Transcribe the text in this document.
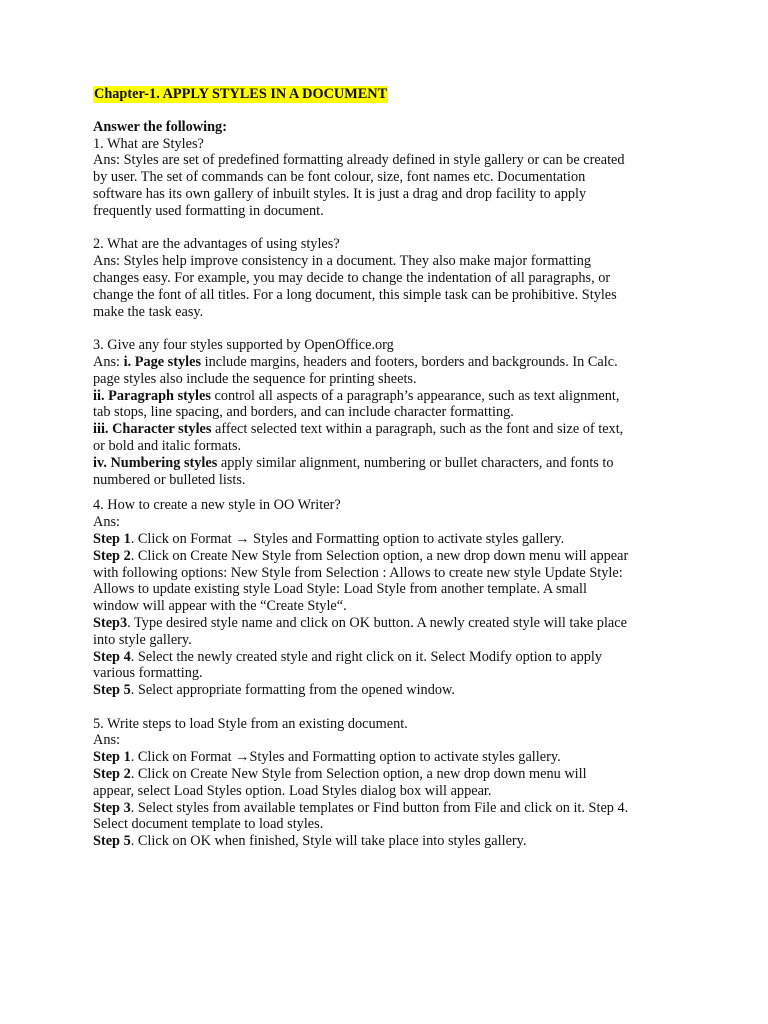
Chapter-1. APPLY STYLES IN A DOCUMENT
Answer the following:
1. What are Styles?
Ans: Styles are set of predefined formatting already defined in style gallery or can be created
by user. The set of commands can be font colour, size, font names etc. Documentation
software has its own gallery of inbuilt styles. It is just a drag and drop facility to apply
frequently used formatting in document.
2. What are the advantages of using styles?
Ans: Styles help improve consistency in a document. They also make major formatting
changes easy. For example, you may decide to change the indentation of all paragraphs, or
change the font of all titles. For a long document, this simple task can be prohibitive. Styles
make the task easy.
3. Give any four styles supported by OpenOffice.org
Ans: i. Page styles include margins, headers and footers, borders and backgrounds. In Calc.
page styles also include the sequence for printing sheets.
ii. Paragraph styles control all aspects of a paragraph’s appearance, such as text alignment,
tab stops, line spacing, and borders, and can include character formatting.
iii. Character styles affect selected text within a paragraph, such as the font and size of text,
or bold and italic formats.
iv. Numbering styles apply similar alignment, numbering or bullet characters, and fonts to
numbered or bulleted lists.
4. How to create a new style in OO Writer?
Ans:
Step 1. Click on Format → Styles and Formatting option to activate styles gallery.
Step 2. Click on Create New Style from Selection option, a new drop down menu will appear
with following options: New Style from Selection : Allows to create new style Update Style:
Allows to update existing style Load Style: Load Style from another template. A small
window will appear with the “Create Style“.
Step3. Type desired style name and click on OK button. A newly created style will take place
into style gallery.
Step 4. Select the newly created style and right click on it. Select Modify option to apply
various formatting.
Step 5. Select appropriate formatting from the opened window.
5. Write steps to load Style from an existing document.
Ans:
Step 1. Click on Format →Styles and Formatting option to activate styles gallery.
Step 2. Click on Create New Style from Selection option, a new drop down menu will
appear, select Load Styles option. Load Styles dialog box will appear.
Step 3. Select styles from available templates or Find button from File and click on it. Step 4.
Select document template to load styles.
Step 5. Click on OK when finished, Style will take place into styles gallery.
